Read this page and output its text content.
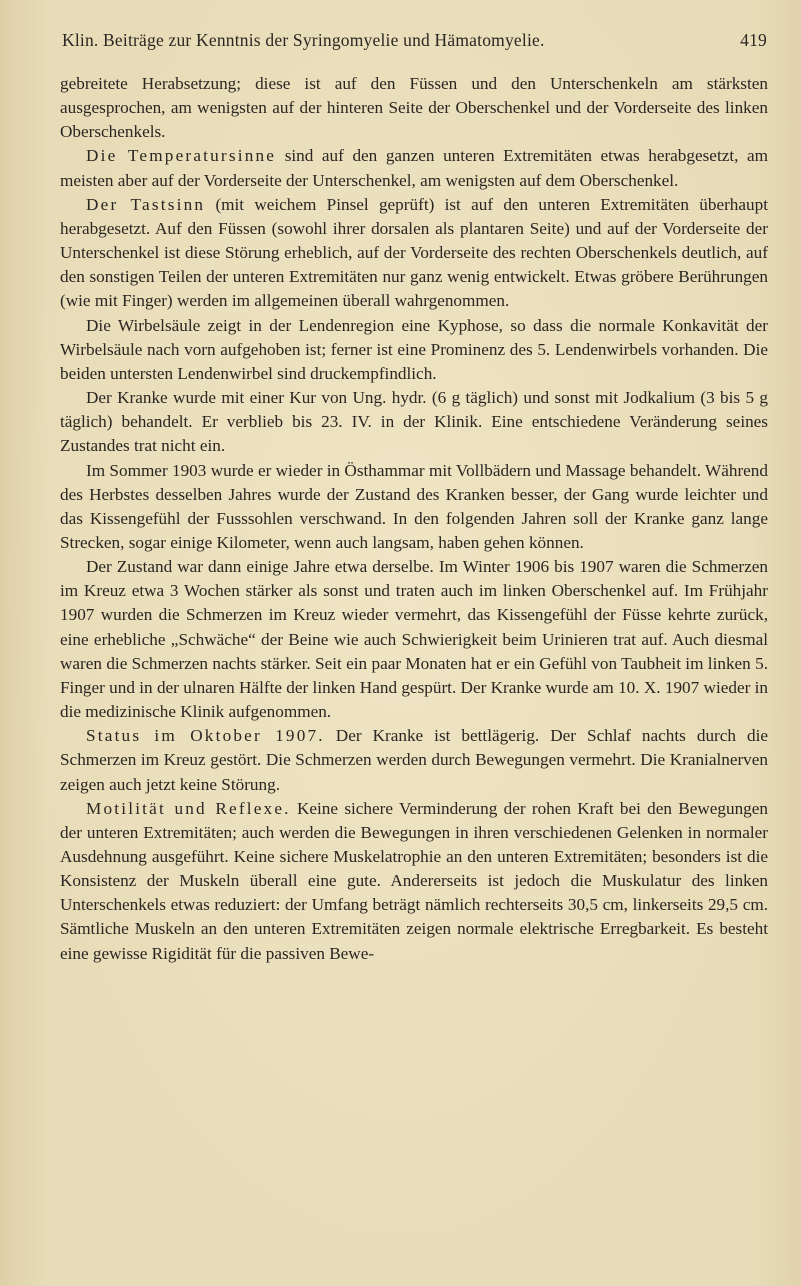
Klin. Beiträge zur Kenntnis der Syringomyelie und Hämatomyelie.	419

gebreitete Herabsetzung; diese ist auf den Füssen und den Unterschenkeln am stärksten ausgesprochen, am wenigsten auf der hinteren Seite der Oberschenkel und der Vorderseite des linken Oberschenkels.

Die Temperatursinne sind auf den ganzen unteren Extremitäten etwas herabgesetzt, am meisten aber auf der Vorderseite der Unterschenkel, am wenigsten auf dem Oberschenkel.

Der Tastsinn (mit weichem Pinsel geprüft) ist auf den unteren Extremitäten überhaupt herabgesetzt. Auf den Füssen (sowohl ihrer dorsalen als plantaren Seite) und auf der Vorderseite der Unterschenkel ist diese Störung erheblich, auf der Vorderseite des rechten Oberschenkels deutlich, auf den sonstigen Teilen der unteren Extremitäten nur ganz wenig entwickelt. Etwas gröbere Berührungen (wie mit Finger) werden im allgemeinen überall wahrgenommen.

Die Wirbelsäule zeigt in der Lendenregion eine Kyphose, so dass die normale Konkavität der Wirbelsäule nach vorn aufgehoben ist; ferner ist eine Prominenz des 5. Lendenwirbels vorhanden. Die beiden untersten Lendenwirbel sind druckempfindlich.

Der Kranke wurde mit einer Kur von Ung. hydr. (6 g täglich) und sonst mit Jodkalium (3 bis 5 g täglich) behandelt. Er verblieb bis 23. IV. in der Klinik. Eine entschiedene Veränderung seines Zustandes trat nicht ein.

Im Sommer 1903 wurde er wieder in Östhammar mit Vollbädern und Massage behandelt. Während des Herbstes desselben Jahres wurde der Zustand des Kranken besser, der Gang wurde leichter und das Kissengefühl der Fusssohlen verschwand. In den folgenden Jahren soll der Kranke ganz lange Strecken, sogar einige Kilometer, wenn auch langsam, haben gehen können.

Der Zustand war dann einige Jahre etwa derselbe. Im Winter 1906 bis 1907 waren die Schmerzen im Kreuz etwa 3 Wochen stärker als sonst und traten auch im linken Oberschenkel auf. Im Frühjahr 1907 wurden die Schmerzen im Kreuz wieder vermehrt, das Kissengefühl der Füsse kehrte zurück, eine erhebliche „Schwäche“ der Beine wie auch Schwierigkeit beim Urinieren trat auf. Auch diesmal waren die Schmerzen nachts stärker. Seit ein paar Monaten hat er ein Gefühl von Taubheit im linken 5. Finger und in der ulnaren Hälfte der linken Hand gespürt. Der Kranke wurde am 10. X. 1907 wieder in die medizinische Klinik aufgenommen.

Status im Oktober 1907. Der Kranke ist bettlägerig. Der Schlaf nachts durch die Schmerzen im Kreuz gestört. Die Schmerzen werden durch Bewegungen vermehrt. Die Kranialnerven zeigen auch jetzt keine Störung.

Motilität und Reflexe. Keine sichere Verminderung der rohen Kraft bei den Bewegungen der unteren Extremitäten; auch werden die Bewegungen in ihren verschiedenen Gelenken in normaler Ausdehnung ausgeführt. Keine sichere Muskelatrophie an den unteren Extremitäten; besonders ist die Konsistenz der Muskeln überall eine gute. Andererseits ist jedoch die Muskulatur des linken Unterschenkels etwas reduziert: der Umfang beträgt nämlich rechterseits 30,5 cm, linkerseits 29,5 cm. Sämtliche Muskeln an den unteren Extremitäten zeigen normale elektrische Erregbarkeit. Es besteht eine gewisse Rigidität für die passiven Bewe-
